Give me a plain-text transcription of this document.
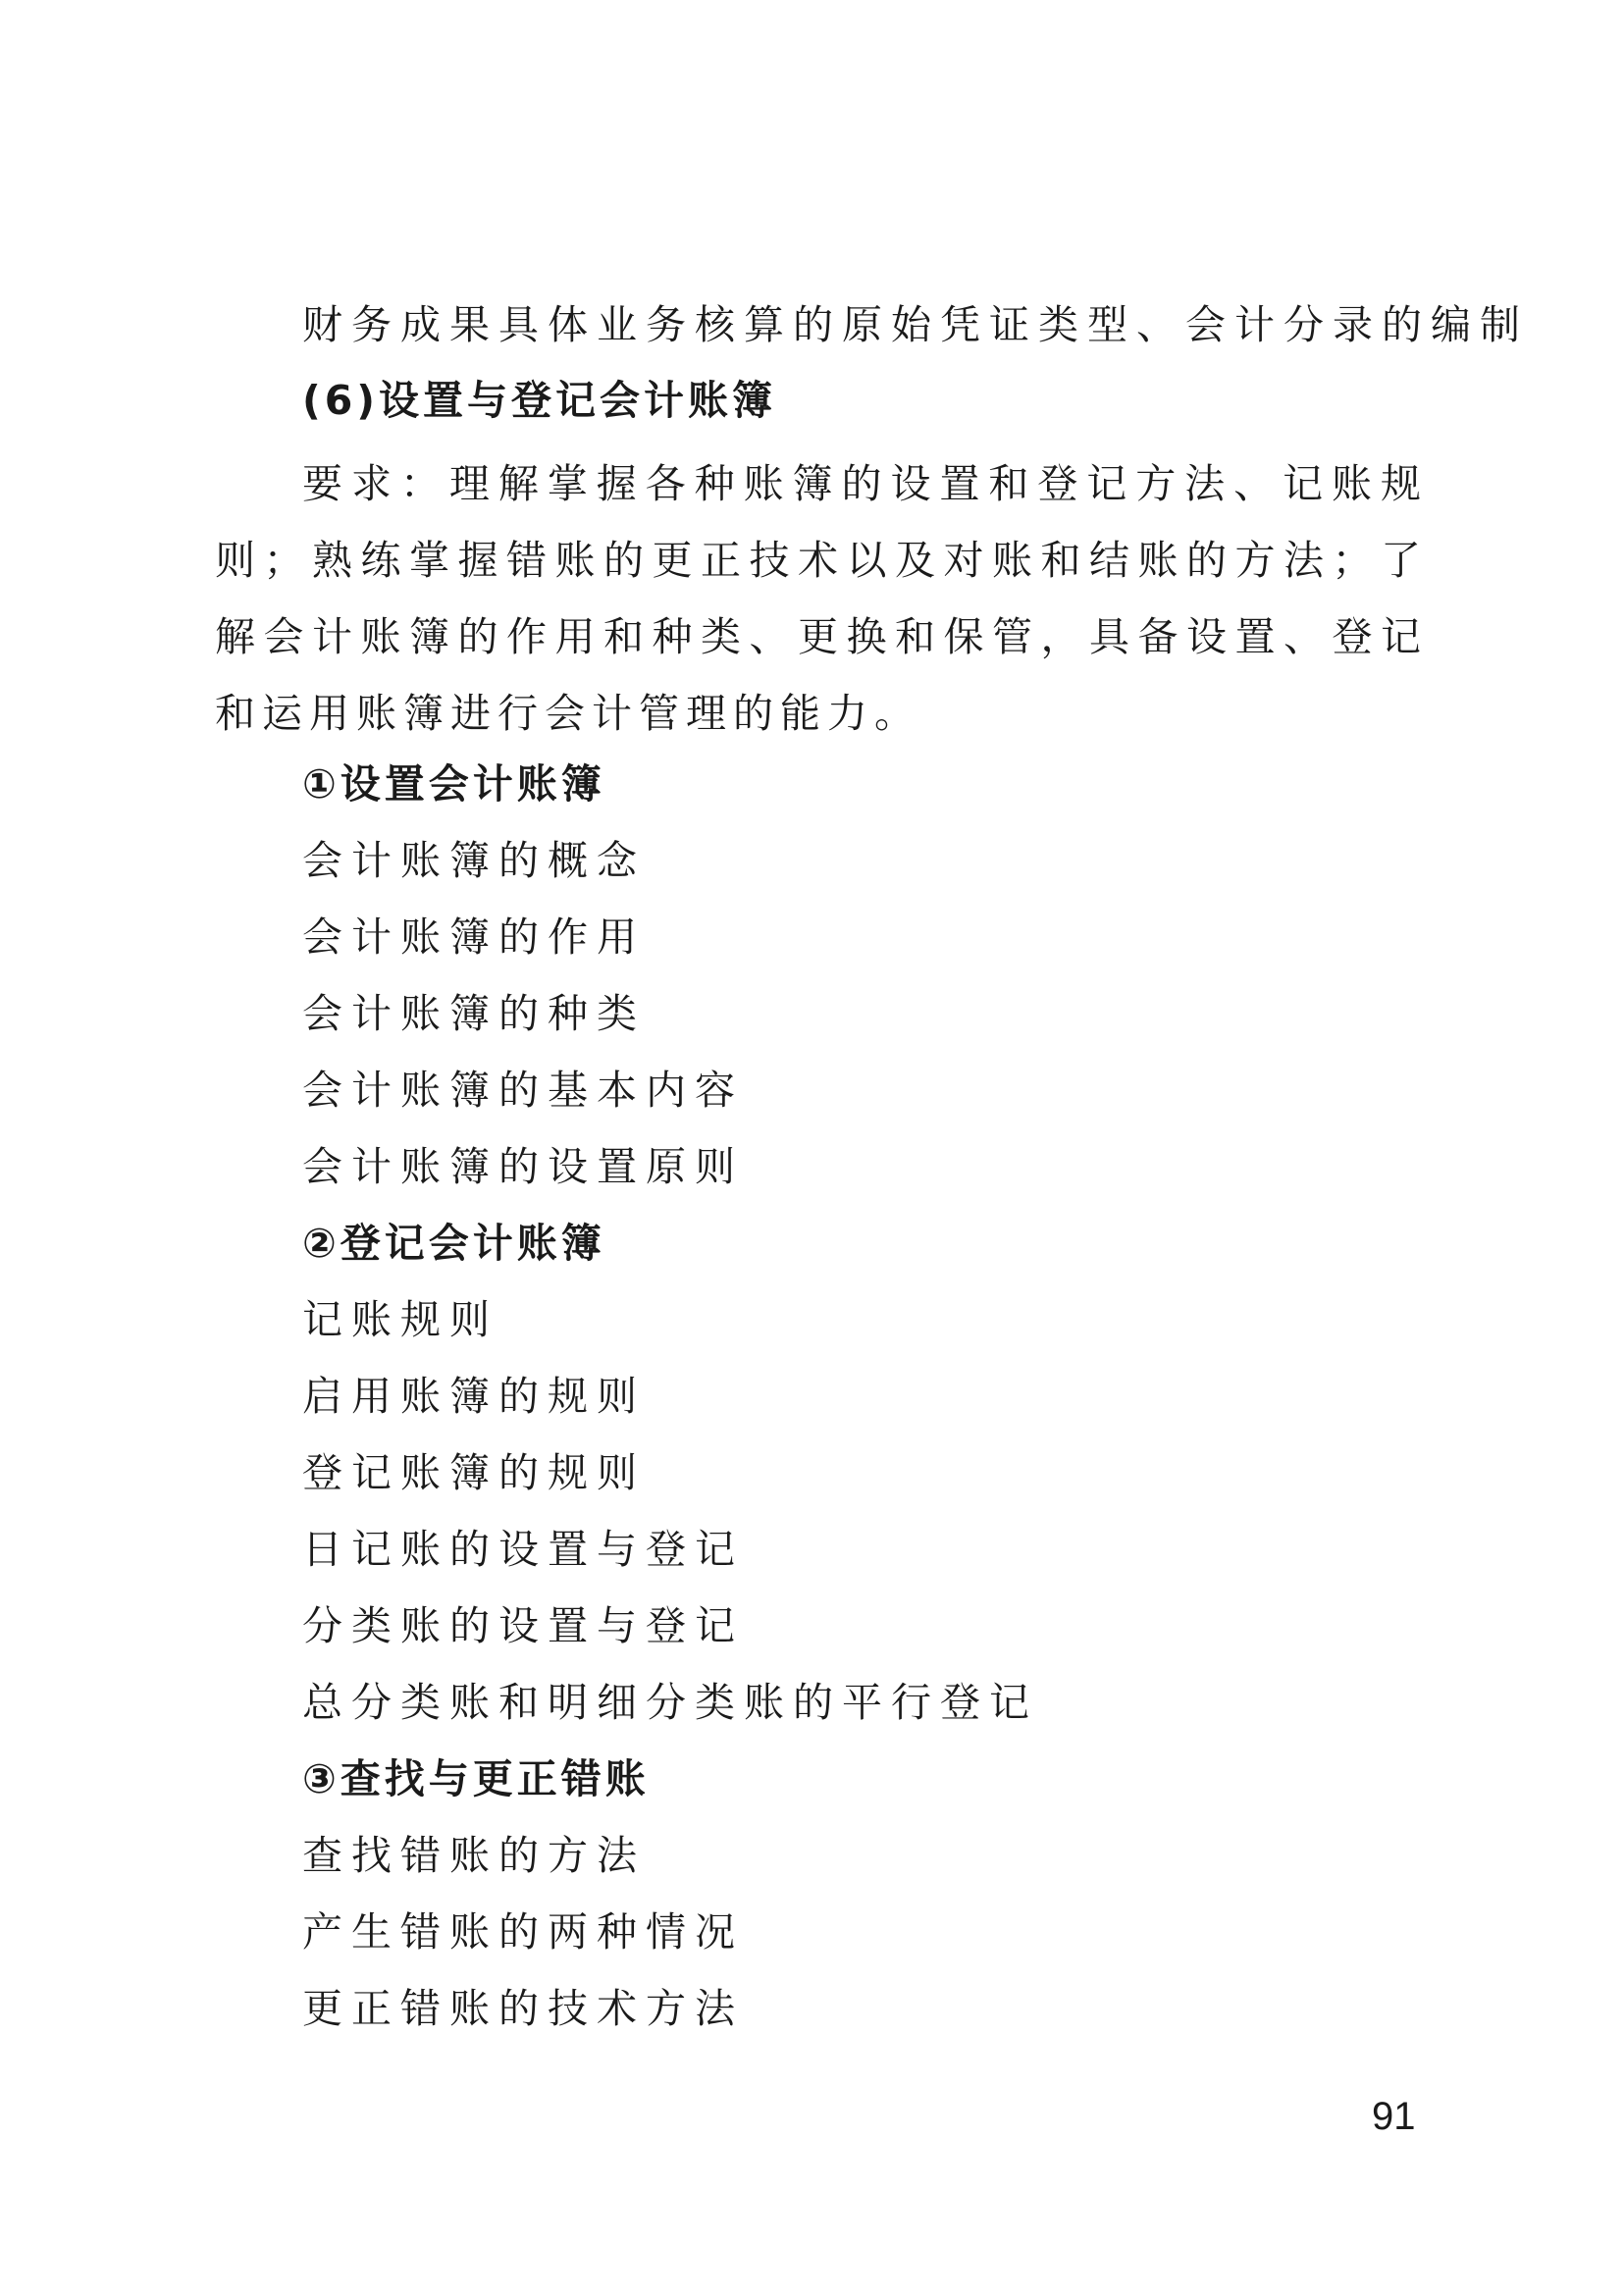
财务成果具体业务核算的原始凭证类型、会计分录的编制
(6)设置与登记会计账簿
要求：理解掌握各种账簿的设置和登记方法、记账规则；熟练掌握错账的更正技术以及对账和结账的方法；了解会计账簿的作用和种类、更换和保管，具备设置、登记和运用账簿进行会计管理的能力。
①设置会计账簿
会计账簿的概念
会计账簿的作用
会计账簿的种类
会计账簿的基本内容
会计账簿的设置原则
②登记会计账簿
记账规则
启用账簿的规则
登记账簿的规则
日记账的设置与登记
分类账的设置与登记
总分类账和明细分类账的平行登记
③查找与更正错账
查找错账的方法
产生错账的两种情况
更正错账的技术方法
91
